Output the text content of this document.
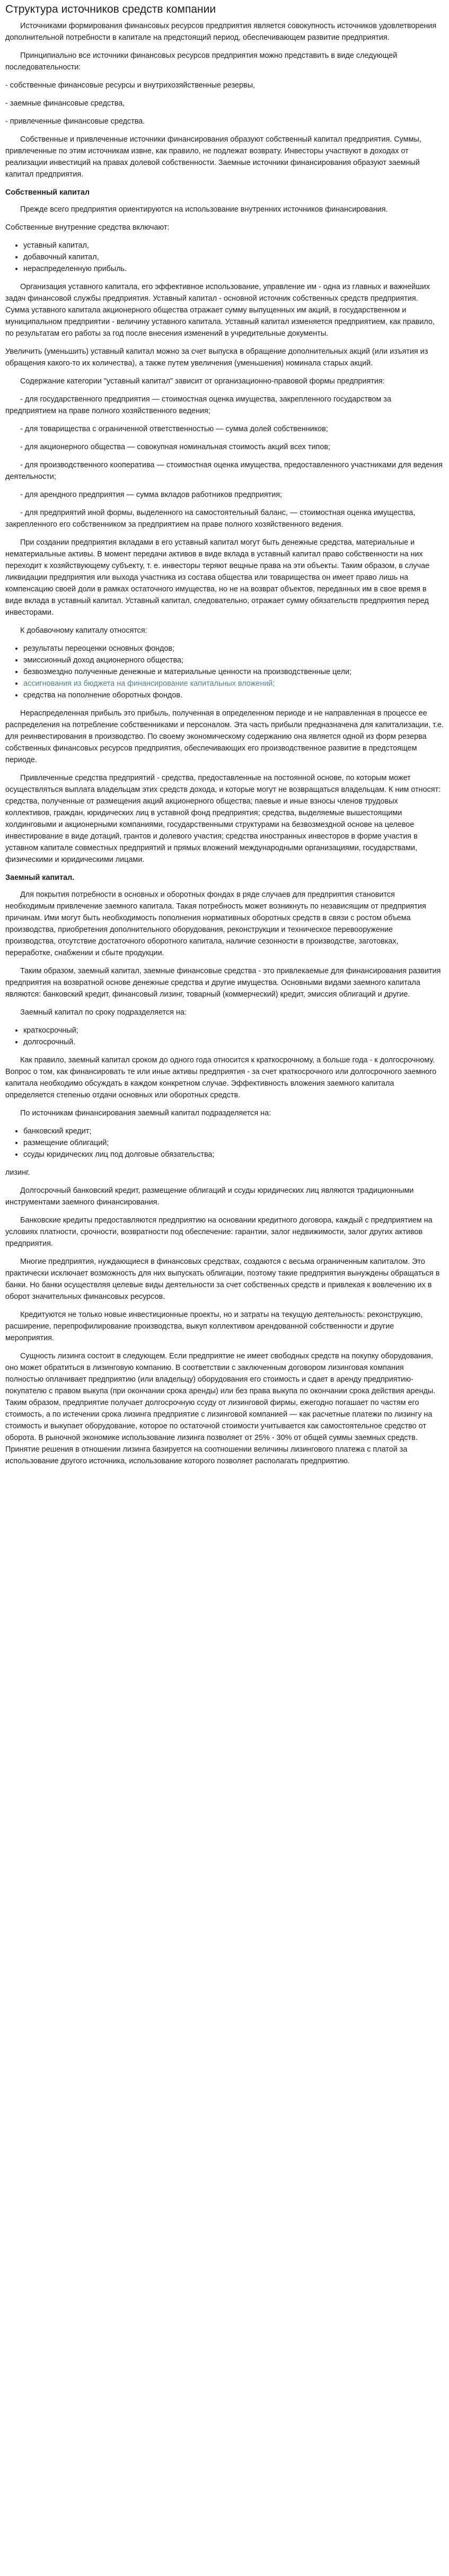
Структура источников средств компании

Источниками формирования финансовых ресурсов предприятия является совокупность источников удовлетворения дополнительной потребности в капитале на предстоящий период, обеспечивающем развитие предприятия.

Принципиально все источники финансовых ресурсов предприятия можно представить в виде следующей последовательности:

- собственные финансовые ресурсы и внутрихозяйственные резервы,

- заемные финансовые средства,

- привлеченные финансовые средства.

Собственные и привлеченные источники финансирования образуют собственный капитал предприятия. Суммы, привлеченные по этим источникам извне, как правило, не подлежат возврату. Инвесторы участвуют в доходах от реализации инвестиций на правах долевой собственности. Заемные источники финансирования образуют заемный капитал предприятия.

Собственный капитал

Прежде всего предприятия ориентируются на использование внутренних источников финансирования.

Собственные внутренние средства включают:

• уставный капитал,
• добавочный капитал,
• нераспределенную прибыль.

Организация уставного капитала, его эффективное использование, управление им - одна из главных и важнейших задач финансовой службы предприятия. Уставный капитал - основной источник собственных средств предприятия. Сумма уставного капитала акционерного общества отражает сумму выпущенных им акций, в государственном и муниципальном предприятии - величину уставного капитала. Уставный капитал изменяется предприятием, как правило, по результатам его работы за год после внесения изменений в учредительные документы.

Увеличить (уменьшить) уставный капитал можно за счет выпуска в обращение дополнительных акций (или изъятия из обращения какого-то их количества), а также путем увеличения (уменьшения) номинала старых акций.

Содержание категории "уставный капитал" зависит от организационно-правовой формы предприятия:

- для государственного предприятия — стоимостная оценка имущества, закрепленного государством за предприятием на праве полного хозяйственного ведения;

- для товарищества с ограниченной ответственностью — сумма долей собственников;

- для акционерного общества — совокупная номинальная стоимость акций всех типов;

- для производственного кооператива — стоимостная оценка имущества, предоставленного участниками для ведения деятельности;

- для арендного предприятия — сумма вкладов работников предприятия;

- для предприятий иной формы, выделенного на самостоятельный баланс, — стоимостная оценка имущества, закрепленного его собственником за предприятием на праве полного хозяйственного ведения.

При создании предприятия вкладами в его уставный капитал могут быть денежные средства, материальные и нематериальные активы. В момент передачи активов в виде вклада в уставный капитал право собственности на них переходит к хозяйствующему субъекту, т. е. инвесторы теряют вещные права на эти объекты. Таким образом, в случае ликвидации предприятия или выхода участника из состава общества или товарищества он имеет право лишь на компенсацию своей доли в рамках остаточного имущества, но не на возврат объектов, переданных им в свое время в виде вклада в уставный капитал. Уставный капитал, следовательно, отражает сумму обязательств предприятия перед инвесторами.

К добавочному капиталу относятся:

• результаты переоценки основных фондов;
• эмиссионный доход акционерного общества;
• безвозмездно полученные денежные и материальные ценности на производственные цели;
• ассигнования из бюджета на финансирование капитальных вложений;
• средства на пополнение оборотных фондов.

Нераспределенная прибыль это прибыль, полученная в определенном периоде и не направленная в процессе ее распределения на потребление собственниками и персоналом. Эта часть прибыли предназначена для капитализации, т.е. для реинвестирования в производство. По своему экономическому содержанию она является одной из форм резерва собственных финансовых ресурсов предприятия, обеспечивающих его производственное развитие в предстоящем периоде.

Привлеченные средства предприятий - средства, предоставленные на постоянной основе, по которым может осуществляться выплата владельцам этих средств дохода, и которые могут не возвращаться владельцам. К ним относят: средства, полученные от размещения акций акционерного общества; паевые и иные взносы членов трудовых коллективов, граждан, юридических лиц в уставной фонд предприятия; средства, выделяемые вышестоящими холдинговыми и акционерными компаниями, государственными структурами на безвозмездной основе на целевое инвестирование в виде дотаций, грантов и долевого участия; средства иностранных инвесторов в форме участия в уставном капитале совместных предприятий и прямых вложений международными организациями, государствами, физическими и юридическими лицами.

Заемный капитал.

Для покрытия потребности в основных и оборотных фондах в ряде случаев для предприятия становится необходимым привлечение заемного капитала. Такая потребность может возникнуть по независящим от предприятия причинам. Ими могут быть необходимость пополнения нормативных оборотных средств в связи с ростом объема производства, приобретения дополнительного оборудования, реконструкции и техническое перевооружение производства, отсутствие достаточного оборотного капитала, наличие сезонности в производстве, заготовках, переработке, снабжении и сбыте продукции.

Таким образом, заемный капитал, заемные финансовые средства - это привлекаемые для финансирования развития предприятия на возвратной основе денежные средства и другие имущества. Основными видами заемного капитала являются: банковский кредит, финансовый лизинг, товарный (коммерческий) кредит, эмиссия облигаций и другие.

Заемный капитал по сроку подразделяется на:

• краткосрочный;
• долгосрочный.

Как правило, заемный капитал сроком до одного года относится к краткосрочному, а больше года - к долгосрочному. Вопрос о том, как финансировать те или иные активы предприятия - за счет краткосрочного или долгосрочного заемного капитала необходимо обсуждать в каждом конкретном случае. Эффективность вложения заемного капитала определяется степенью отдачи основных или оборотных средств.

По источникам финансирования заемный капитал подразделяется на:

• банковский кредит;
• размещение облигаций;
• ссуды юридических лиц под долговые обязательства;

лизинг.

Долгосрочный банковский кредит, размещение облигаций и ссуды юридических лиц являются традиционными инструментами заемного финансирования.

Банковские кредиты предоставляются предприятию на основании кредитного договора, каждый с предприятием на условиях платности, срочности, возвратности под обеспечение: гарантии, залог недвижимости, залог других активов предприятия.

Многие предприятия, нуждающиеся в финансовых средствах, создаются с весьма ограниченным капиталом. Это практически исключает возможность для них выпускать облигации, поэтому такие предприятия вынуждены обращаться в банки. Но банки осуществляя целевые виды деятельности за счет собственных средств и привлекая к вовлечению их в оборот значительных финансовых ресурсов.

Кредитуются не только новые инвестиционные проекты, но и затраты на текущую деятельность: реконструкцию, расширение, перепрофилирование производства, выкуп коллективом арендованной собственности и другие мероприятия.

Сущность лизинга состоит в следующем. Если предприятие не имеет свободных средств на покупку оборудования, оно может обратиться в лизинговую компанию. В соответствии с заключенным договором лизинговая компания полностью оплачивает предприятию (или владельцу) оборудования его стоимость и сдает в аренду предприятию-покупателю с правом выкупа (при окончании срока аренды) или без права выкупа по окончании срока действия аренды. Таким образом, предприятие получает долгосрочную ссуду от лизинговой фирмы, ежегодно погашает по частям его стоимость, а по истечении срока лизинга предприятие с лизинговой компанией — как расчетные платежи по лизингу на стоимость и выкупает оборудование, которое по остаточной стоимости учитывается как самостоятельное средство от оборота. В рыночной экономике использование лизинга позволяет от 25% - 30% от общей суммы заемных средств. Принятие решения в отношении лизинга базируется на соотношении величины лизингового платежа с платой за использование другого источника, использование которого позволяет располагать предприятию.
